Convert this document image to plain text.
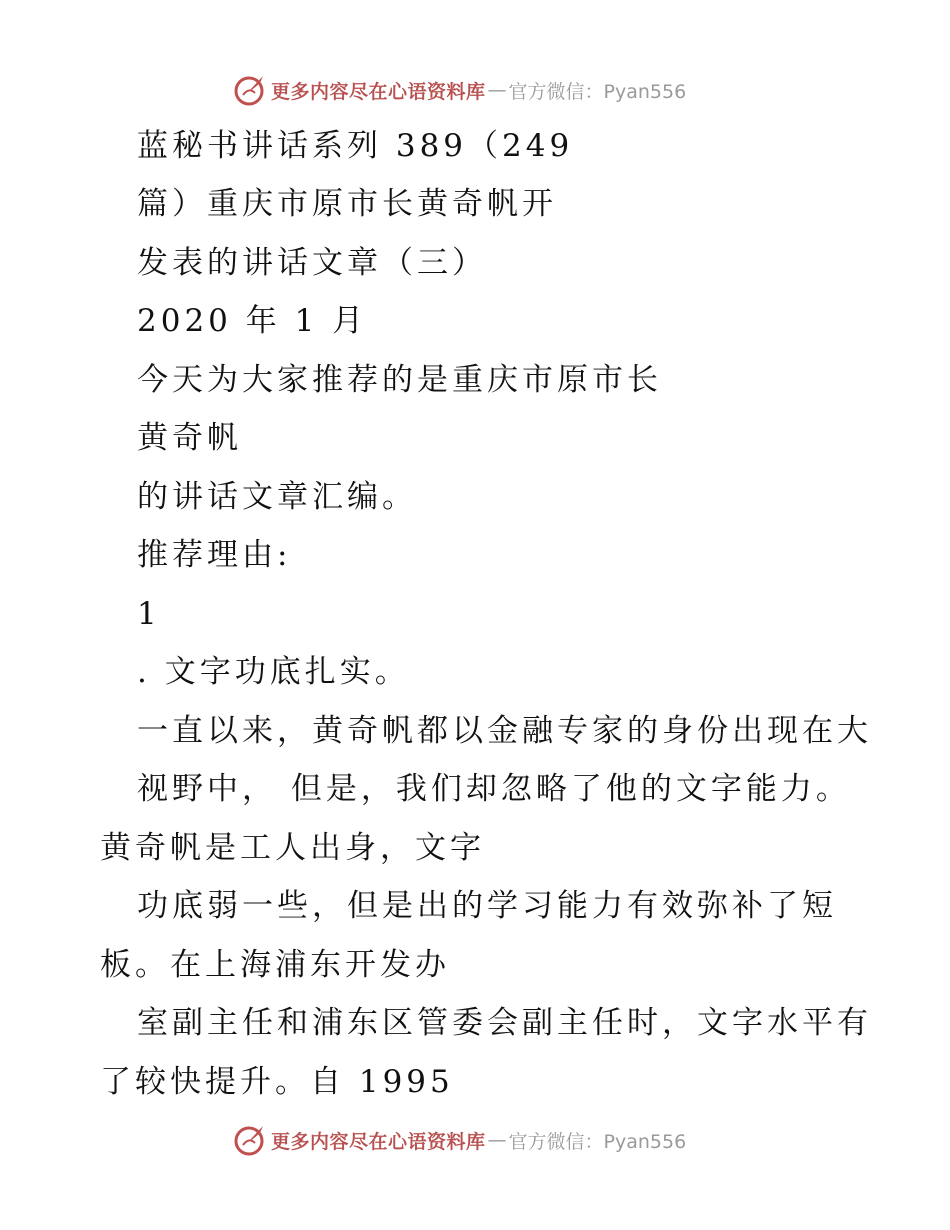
更多内容尽在心语资料库 — 官方微信：Pyan556
蓝秘书讲话系列 389（249
篇）重庆市原市长黄奇帆开
发表的讲话文章（三）
2020 年 1 月
今天为大家推荐的是重庆市原市长
黄奇帆
的讲话文章汇编。
推荐理由:
1
. 文字功底扎实。
一直以来，黄奇帆都以金融专家的身份出现在大
视野中， 但是，我们却忽略了他的文字能力。
黄奇帆是工人出身，文字
功底弱一些，但是出的学习能力有效弥补了短
板。在上海浦东开发办
室副主任和浦东区管委会副主任时，文字水平有
了较快提升。自 1995
更多内容尽在心语资料库 — 官方微信：Pyan556
